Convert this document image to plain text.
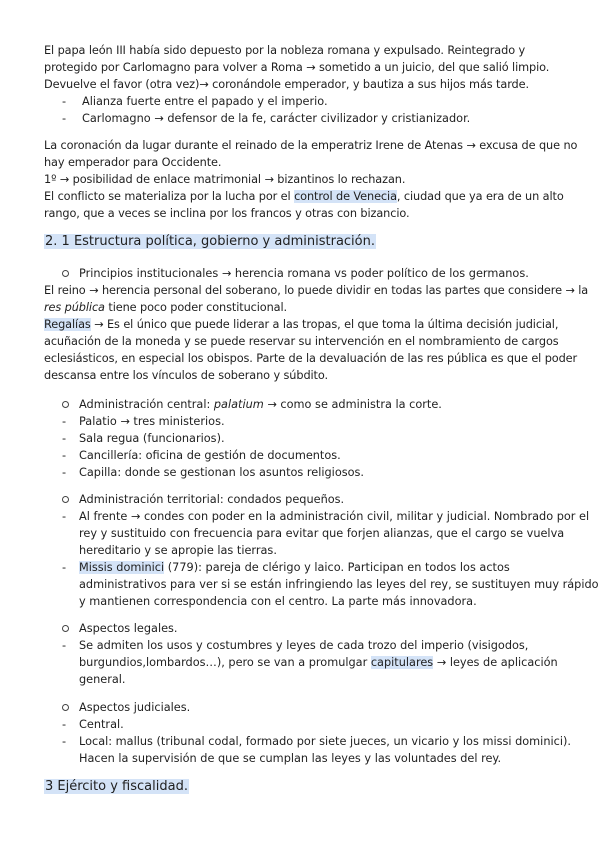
El papa león III había sido depuesto por la nobleza romana y expulsado. Reintegrado y
protegido por Carlomagno para volver a Roma → sometido a un juicio, del que salió limpio.
Devuelve el favor (otra vez)→ coronándole emperador, y bautiza a sus hijos más tarde.
- Alianza fuerte entre el papado y el imperio.
- Carlomagno → defensor de la fe, carácter civilizador y cristianizador.
La coronación da lugar durante el reinado de la emperatriz Irene de Atenas → excusa de que no
hay emperador para Occidente.
1º → posibilidad de enlace matrimonial → bizantinos lo rechazan.
El conflicto se materializa por la lucha por el control de Venecia, ciudad que ya era de un alto
rango, que a veces se inclina por los francos y otras con bizancio.
2. 1 Estructura política, gobierno y administración.
Principios institucionales → herencia romana vs poder político de los germanos.
El reino → herencia personal del soberano, lo puede dividir en todas las partes que considere → la
res pública tiene poco poder constitucional.
Regalías → Es el único que puede liderar a las tropas, el que toma la última decisión judicial,
acuñación de la moneda y se puede reservar su intervención en el nombramiento de cargos
eclesiásticos, en especial los obispos. Parte de la devaluación de las res pública es que el poder
descansa entre los vínculos de soberano y súbdito.
Administración central: palatium → como se administra la corte.
- Palatio → tres ministerios.
- Sala regua (funcionarios).
- Cancillería: oficina de gestión de documentos.
- Capilla: donde se gestionan los asuntos religiosos.
Administración territorial: condados pequeños.
- Al frente → condes con poder en la administración civil, militar y judicial. Nombrado por el
rey y sustituido con frecuencia para evitar que forjen alianzas, que el cargo se vuelva
hereditario y se apropie las tierras.
- Missis dominici (779): pareja de clérigo y laico. Participan en todos los actos
administrativos para ver si se están infringiendo las leyes del rey, se sustituyen muy rápido
y mantienen correspondencia con el centro. La parte más innovadora.
Aspectos legales.
- Se admiten los usos y costumbres y leyes de cada trozo del imperio (visigodos,
burgundios,lombardos…), pero se van a promulgar capitulares → leyes de aplicación
general.
Aspectos judiciales.
- Central.
- Local: mallus (tribunal codal, formado por siete jueces, un vicario y los missi dominici).
Hacen la supervisión de que se cumplan las leyes y las voluntades del rey.
3 Ejército y fiscalidad.
